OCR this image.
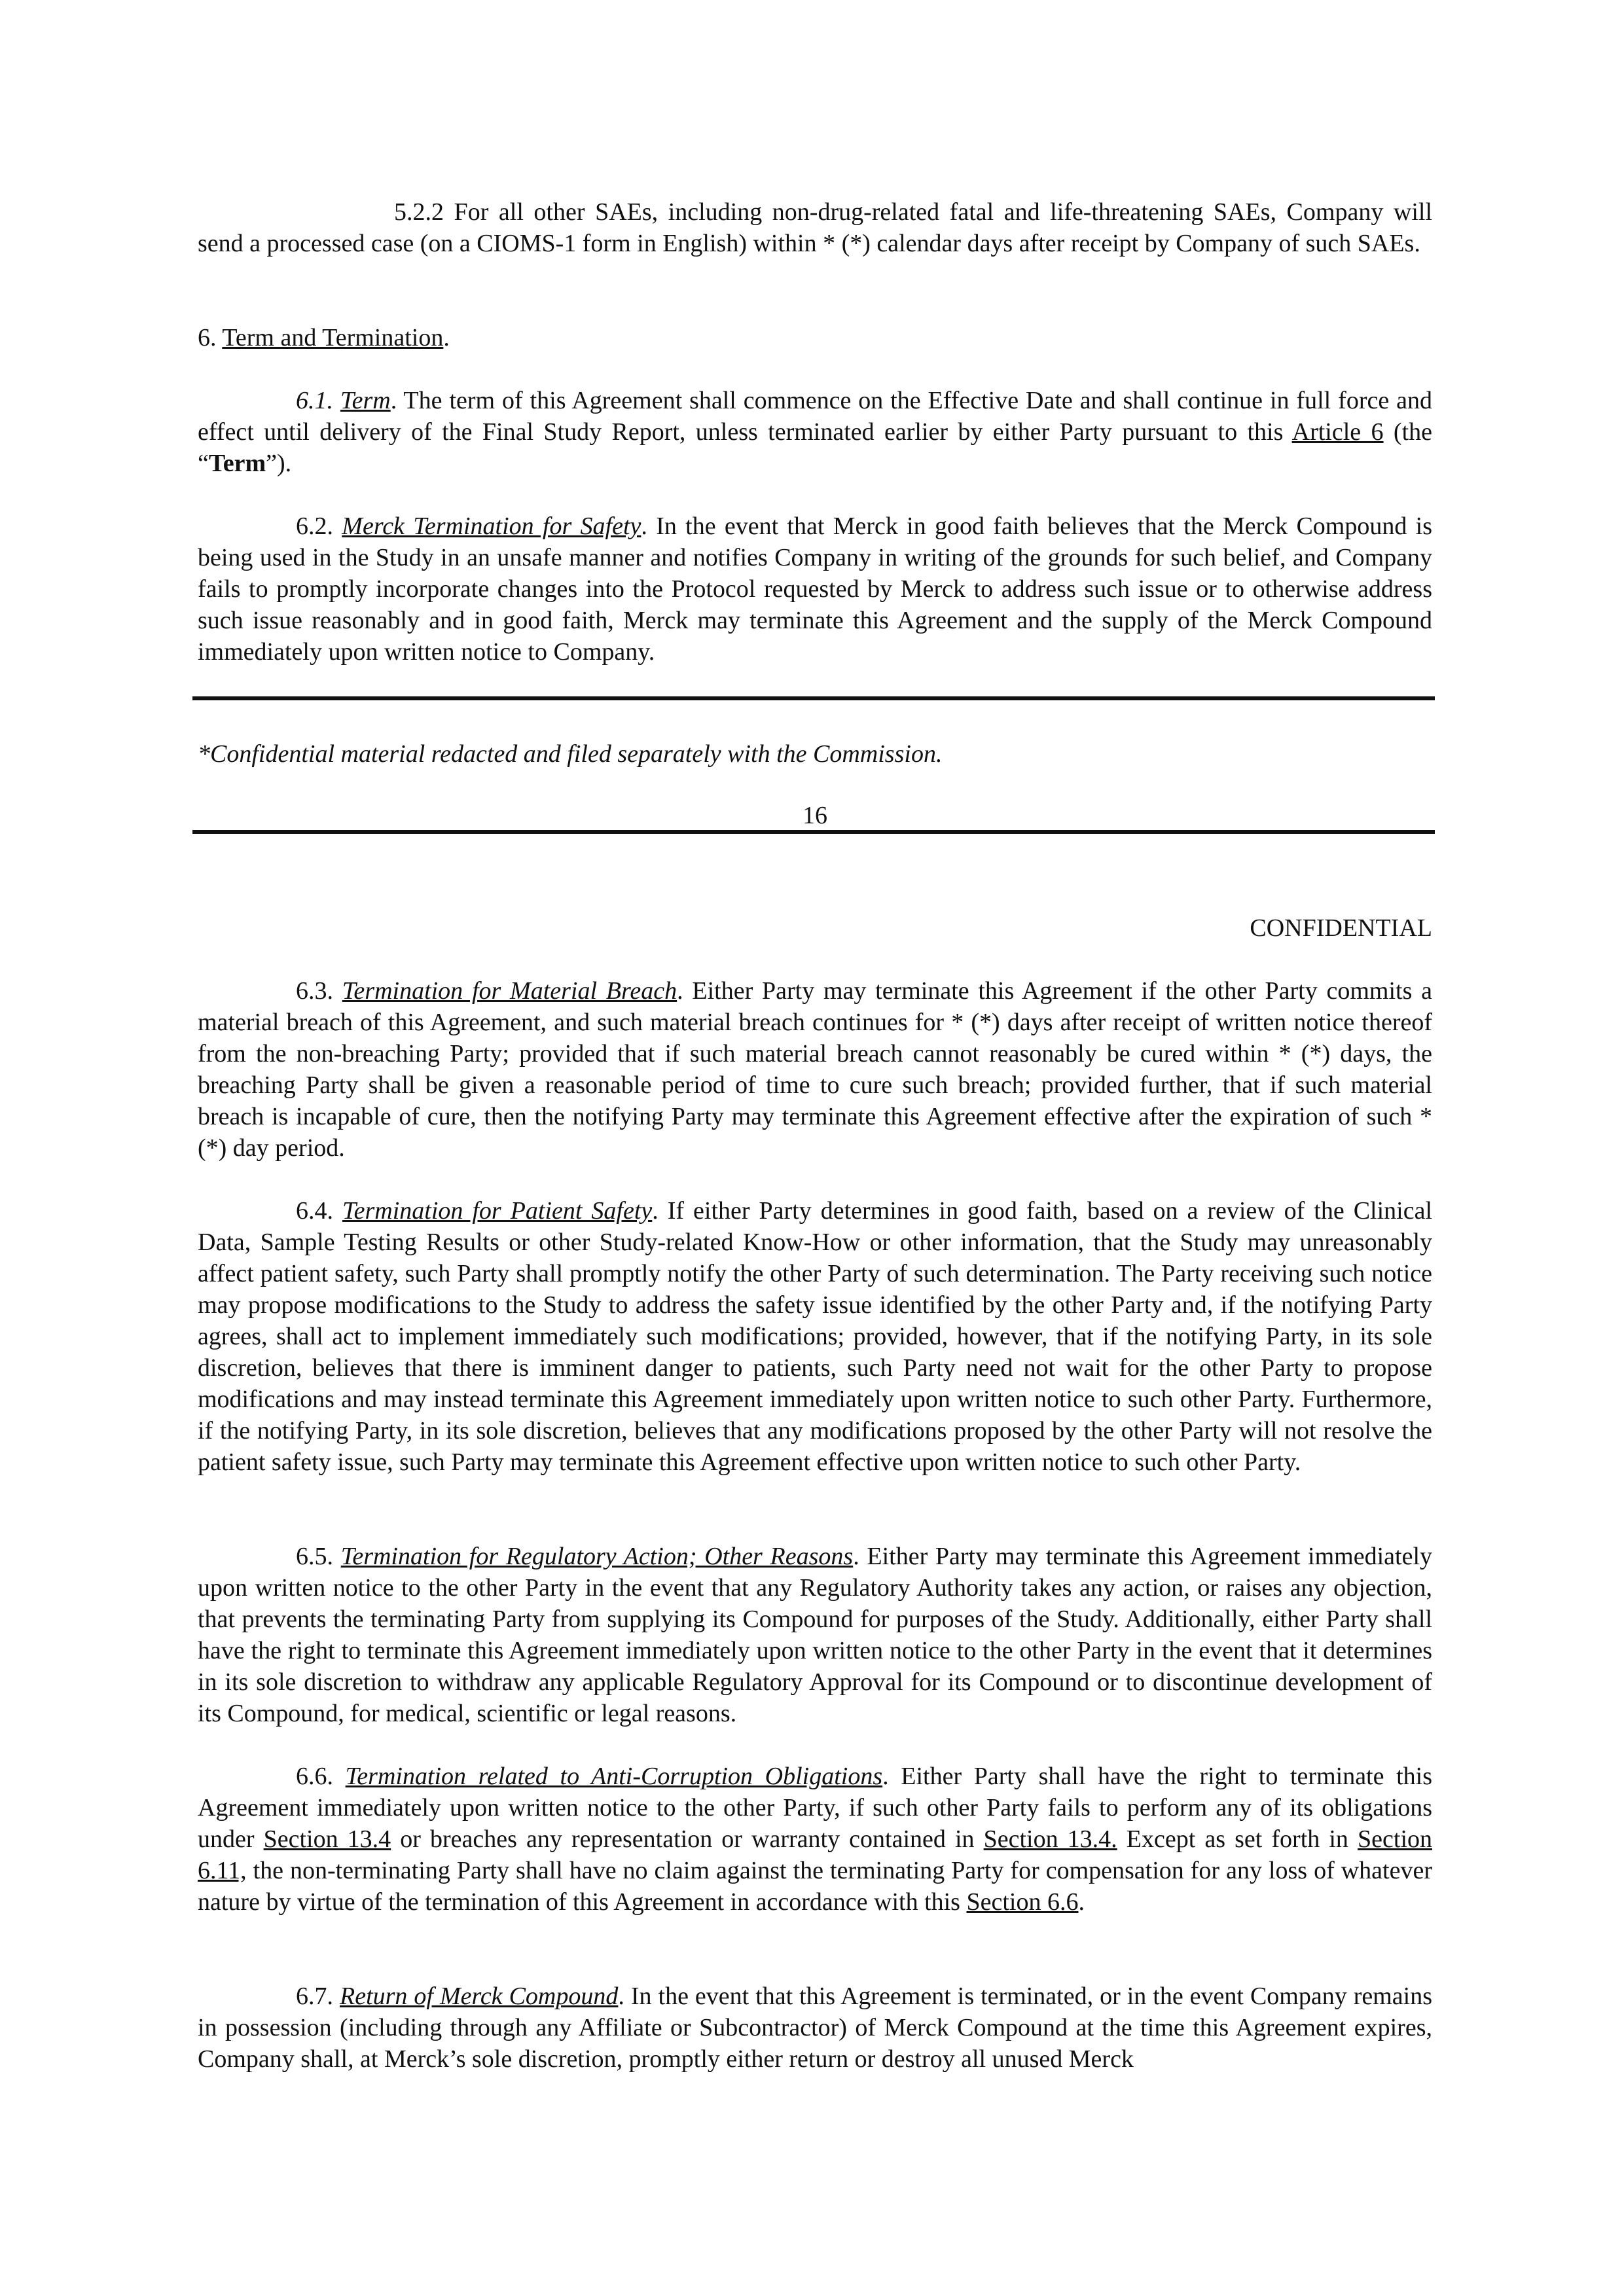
5.2.2 For all other SAEs, including non-drug-related fatal and life-threatening SAEs, Company will send a processed case (on a CIOMS-1 form in English) within * (*) calendar days after receipt by Company of such SAEs.

6. Term and Termination.

6.1. Term. The term of this Agreement shall commence on the Effective Date and shall continue in full force and effect until delivery of the Final Study Report, unless terminated earlier by either Party pursuant to this Article 6 (the “Term”).

6.2. Merck Termination for Safety. In the event that Merck in good faith believes that the Merck Compound is being used in the Study in an unsafe manner and notifies Company in writing of the grounds for such belief, and Company fails to promptly incorporate changes into the Protocol requested by Merck to address such issue or to otherwise address such issue reasonably and in good faith, Merck may terminate this Agreement and the supply of the Merck Compound immediately upon written notice to Company.

*Confidential material redacted and filed separately with the Commission.

16

CONFIDENTIAL

6.3. Termination for Material Breach. Either Party may terminate this Agreement if the other Party commits a material breach of this Agreement, and such material breach continues for * (*) days after receipt of written notice thereof from the non-breaching Party; provided that if such material breach cannot reasonably be cured within * (*) days, the breaching Party shall be given a reasonable period of time to cure such breach; provided further, that if such material breach is incapable of cure, then the notifying Party may terminate this Agreement effective after the expiration of such * (*) day period.

6.4. Termination for Patient Safety. If either Party determines in good faith, based on a review of the Clinical Data, Sample Testing Results or other Study-related Know-How or other information, that the Study may unreasonably affect patient safety, such Party shall promptly notify the other Party of such determination. The Party receiving such notice may propose modifications to the Study to address the safety issue identified by the other Party and, if the notifying Party agrees, shall act to implement immediately such modifications; provided, however, that if the notifying Party, in its sole discretion, believes that there is imminent danger to patients, such Party need not wait for the other Party to propose modifications and may instead terminate this Agreement immediately upon written notice to such other Party. Furthermore, if the notifying Party, in its sole discretion, believes that any modifications proposed by the other Party will not resolve the patient safety issue, such Party may terminate this Agreement effective upon written notice to such other Party.

6.5. Termination for Regulatory Action; Other Reasons. Either Party may terminate this Agreement immediately upon written notice to the other Party in the event that any Regulatory Authority takes any action, or raises any objection, that prevents the terminating Party from supplying its Compound for purposes of the Study. Additionally, either Party shall have the right to terminate this Agreement immediately upon written notice to the other Party in the event that it determines in its sole discretion to withdraw any applicable Regulatory Approval for its Compound or to discontinue development of its Compound, for medical, scientific or legal reasons.

6.6. Termination related to Anti-Corruption Obligations. Either Party shall have the right to terminate this Agreement immediately upon written notice to the other Party, if such other Party fails to perform any of its obligations under Section 13.4 or breaches any representation or warranty contained in Section 13.4. Except as set forth in Section 6.11, the non-terminating Party shall have no claim against the terminating Party for compensation for any loss of whatever nature by virtue of the termination of this Agreement in accordance with this Section 6.6.

6.7. Return of Merck Compound. In the event that this Agreement is terminated, or in the event Company remains in possession (including through any Affiliate or Subcontractor) of Merck Compound at the time this Agreement expires, Company shall, at Merck’s sole discretion, promptly either return or destroy all unused Merck
